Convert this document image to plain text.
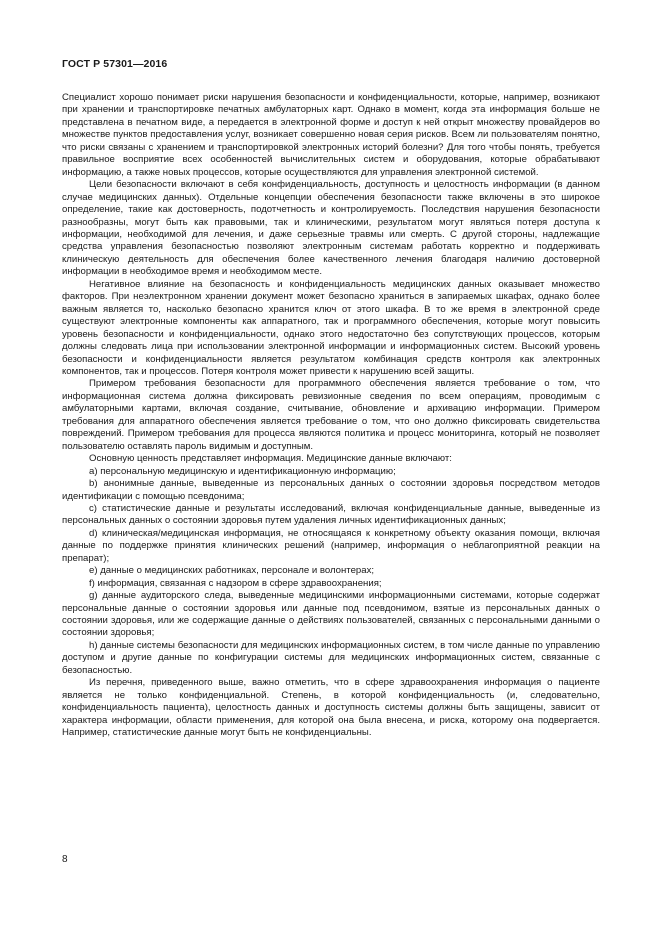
ГОСТ Р 57301—2016

Специалист хорошо понимает риски нарушения безопасности и конфиденциальности, которые, например, возникают при хранении и транспортировке печатных амбулаторных карт. Однако в момент, когда эта информация больше не представлена в печатном виде, а передается в электронной форме и доступ к ней открыт множеству провайдеров во множестве пунктов предоставления услуг, возникает совершенно новая серия рисков. Всем ли пользователям понятно, что риски связаны с хранением и транспортировкой электронных историй болезни? Для того чтобы понять, требуется правильное восприятие всех особенностей вычислительных систем и оборудования, которые обрабатывают информацию, а также новых процессов, которые осуществляются для управления электронной системой.

Цели безопасности включают в себя конфиденциальность, доступность и целостность информации (в данном случае медицинских данных). Отдельные концепции обеспечения безопасности также включены в это широкое определение, такие как достоверность, подотчетность и контролируемость. Последствия нарушения безопасности разнообразны, могут быть как правовыми, так и клиническими, результатом могут являться потеря доступа к информации, необходимой для лечения, и даже серьезные травмы или смерть. С другой стороны, надлежащие средства управления безопасностью позволяют электронным системам работать корректно и поддерживать клиническую деятельность для обеспечения более качественного лечения благодаря наличию достоверной информации в необходимое время и необходимом месте.

Негативное влияние на безопасность и конфиденциальность медицинских данных оказывает множество факторов. При неэлектронном хранении документ может безопасно храниться в запираемых шкафах, однако более важным является то, насколько безопасно хранится ключ от этого шкафа. В то же время в электронной среде существуют электронные компоненты как аппаратного, так и программного обеспечения, которые могут повысить уровень безопасности и конфиденциальности, однако этого недостаточно без сопутствующих процессов, которым должны следовать лица при использовании электронной информации и информационных систем. Высокий уровень безопасности и конфиденциальности является результатом комбинация средств контроля как электронных компонентов, так и процессов. Потеря контроля может привести к нарушению всей защиты.

Примером требования безопасности для программного обеспечения является требование о том, что информационная система должна фиксировать ревизионные сведения по всем операциям, проводимым с амбулаторными картами, включая создание, считывание, обновление и архивацию информации. Примером требования для аппаратного обеспечения является требование о том, что оно должно фиксировать свидетельства повреждений. Примером требования для процесса являются политика и процесс мониторинга, который не позволяет пользователю оставлять пароль видимым и доступным.

Основную ценность представляет информация. Медицинские данные включают:

а) персональную медицинскую и идентификационную информацию;

b) анонимные данные, выведенные из персональных данных о состоянии здоровья посредством методов идентификации с помощью псевдонима;

с) статистические данные и результаты исследований, включая конфиденциальные данные, выведенные из персональных данных о состоянии здоровья путем удаления личных идентификационных данных;

d) клиническая/медицинская информация, не относящаяся к конкретному объекту оказания помощи, включая данные по поддержке принятия клинических решений (например, информация о неблагоприятной реакции на препарат);

е) данные о медицинских работниках, персонале и волонтерах;

f) информация, связанная с надзором в сфере здравоохранения;

g) данные аудиторского следа, выведенные медицинскими информационными системами, которые содержат персональные данные о состоянии здоровья или данные под псевдонимом, взятые из персональных данных о состоянии здоровья, или же содержащие данные о действиях пользователей, связанных с персональными данными о состоянии здоровья;

h) данные системы безопасности для медицинских информационных систем, в том числе данные по управлению доступом и другие данные по конфигурации системы для медицинских информационных систем, связанные с безопасностью.

Из перечня, приведенного выше, важно отметить, что в сфере здравоохранения информация о пациенте является не только конфиденциальной. Степень, в которой конфиденциальность (и, следовательно, конфиденциальность пациента), целостность данных и доступность системы должны быть защищены, зависит от характера информации, области применения, для которой она была внесена, и риска, которому она подвергается. Например, статистические данные могут быть не конфиденциальны.

8
